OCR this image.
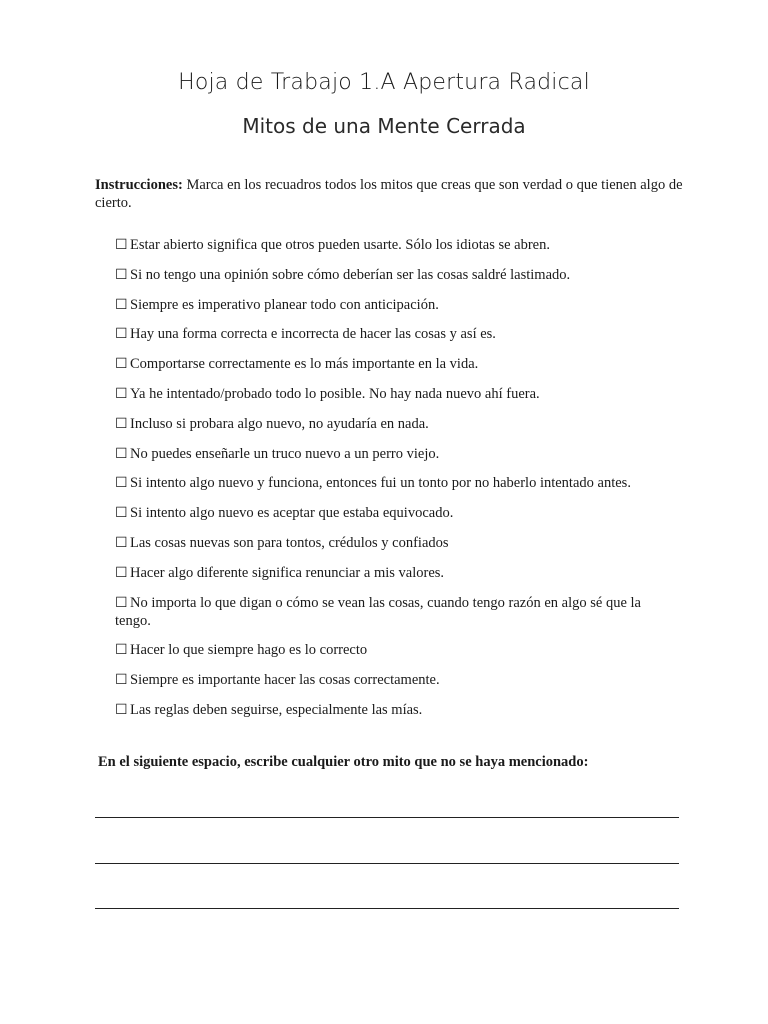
Hoja de Trabajo 1.A Apertura Radical
Mitos de una Mente Cerrada
Instrucciones: Marca en los recuadros todos los mitos que creas que son verdad o que tienen algo de cierto.
☐ Estar abierto significa que otros pueden usarte. Sólo los idiotas se abren.
☐ Si no tengo una opinión sobre cómo deberían ser las cosas saldré lastimado.
☐ Siempre es imperativo planear todo con anticipación.
☐ Hay una forma correcta e incorrecta de hacer las cosas y así es.
☐ Comportarse correctamente es lo más importante en la vida.
☐ Ya he intentado/probado todo lo posible. No hay nada nuevo ahí fuera.
☐ Incluso si probara algo nuevo, no ayudaría en nada.
☐ No puedes enseñarle un truco nuevo a un perro viejo.
☐ Si intento algo nuevo y funciona, entonces fui un tonto por no haberlo intentado antes.
☐ Si intento algo nuevo es aceptar que estaba equivocado.
☐ Las cosas nuevas son para tontos, crédulos y confiados
☐ Hacer algo diferente significa renunciar a mis valores.
☐ No importa lo que digan o cómo se vean las cosas, cuando tengo razón en algo sé que la tengo.
☐ Hacer lo que siempre hago es lo correcto
☐ Siempre es importante hacer las cosas correctamente.
☐ Las reglas deben seguirse, especialmente las mías.
En el siguiente espacio, escribe cualquier otro mito que no se haya mencionado:
